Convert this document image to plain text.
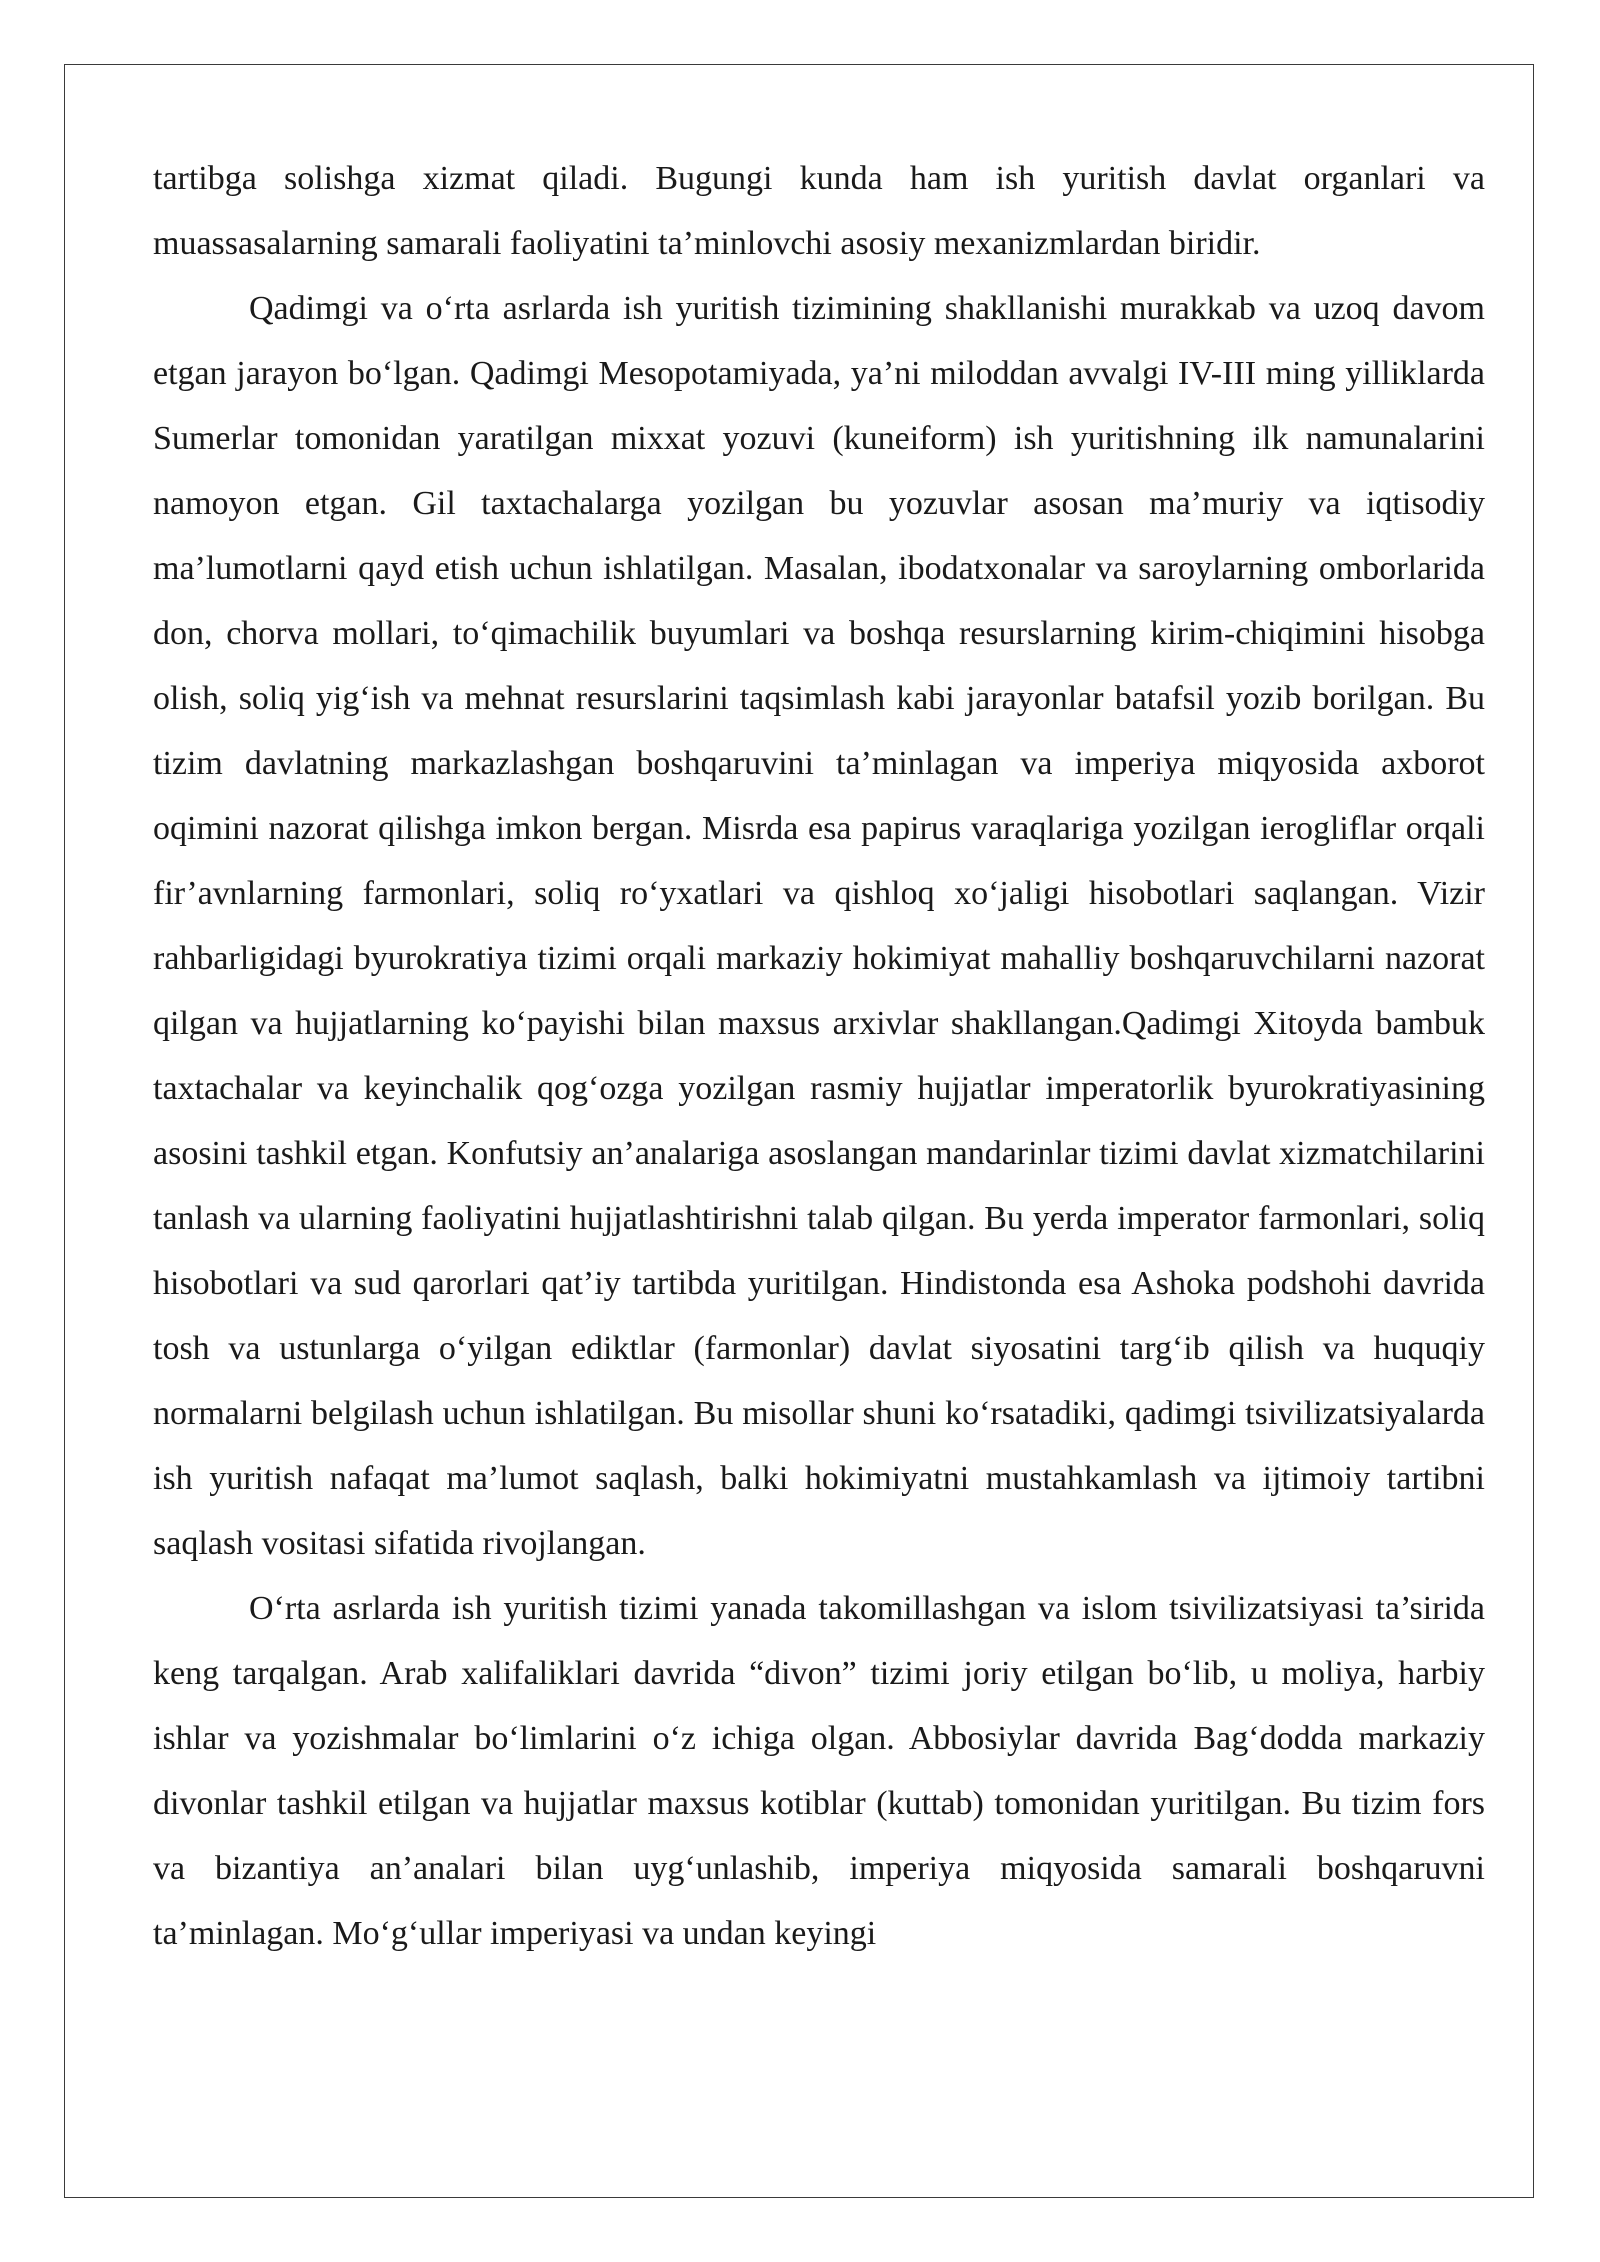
tartibga solishga xizmat qiladi. Bugungi kunda ham ish yuritish davlat organlari va muassasalarning samarali faoliyatini ta’minlovchi asosiy mexanizmlardan biridir.

Qadimgi va o‘rta asrlarda ish yuritish tizimining shakllanishi murakkab va uzoq davom etgan jarayon bo‘lgan. Qadimgi Mesopotamiyada, ya’ni miloddan avvalgi IV-III ming yilliklarda Sumerlar tomonidan yaratilgan mixxat yozuvi (kuneiform) ish yuritishning ilk namunalarini namoyon etgan. Gil taxtachalarga yozilgan bu yozuvlar asosan ma’muriy va iqtisodiy ma’lumotlarni qayd etish uchun ishlatilgan. Masalan, ibodatxonalar va saroylarning omborlarida don, chorva mollari, to‘qimachilik buyumlari va boshqa resurslarning kirim-chiqimini hisobga olish, soliq yig‘ish va mehnat resurslarini taqsimlash kabi jarayonlar batafsil yozib borilgan. Bu tizim davlatning markazlashgan boshqaruvini ta’minlagan va imperiya miqyosida axborot oqimini nazorat qilishga imkon bergan. Misrda esa papirus varaqlariga yozilgan ierogliflar orqali fir’avnlarning farmonlari, soliq ro‘yxatlari va qishloq xo‘jaligi hisobotlari saqlangan. Vizir rahbarligidagi byurokratiya tizimi orqali markaziy hokimiyat mahalliy boshqaruvchilarni nazorat qilgan va hujjatlarning ko‘payishi bilan maxsus arxivlar shakllangan.Qadimgi Xitoyda bambuk taxtachalar va keyinchalik qog‘ozga yozilgan rasmiy hujjatlar imperatorlik byurokratiyasining asosini tashkil etgan. Konfutsiy an’analariga asoslangan mandarinlar tizimi davlat xizmatchilarini tanlash va ularning faoliyatini hujjatlashtirishni talab qilgan. Bu yerda imperator farmonlari, soliq hisobotlari va sud qarorlari qat’iy tartibda yuritilgan. Hindistonda esa Ashoka podshohi davrida tosh va ustunlarga o‘yilgan ediktlar (farmonlar) davlat siyosatini targ‘ib qilish va huquqiy normalarni belgilash uchun ishlatilgan. Bu misollar shuni ko‘rsatadiki, qadimgi tsivilizatsiyalarda ish yuritish nafaqat ma’lumot saqlash, balki hokimiyatni mustahkamlash va ijtimoiy tartibni saqlash vositasi sifatida rivojlangan.

O‘rta asrlarda ish yuritish tizimi yanada takomillashgan va islom tsivilizatsiyasi ta’sirida keng tarqalgan. Arab xalifaliklari davrida “divon” tizimi joriy etilgan bo‘lib, u moliya, harbiy ishlar va yozishmalar bo‘limlarini o‘z ichiga olgan. Abbosiylar davrida Bag‘dodda markaziy divonlar tashkil etilgan va hujjatlar maxsus kotiblar (kuttab) tomonidan yuritilgan. Bu tizim fors va bizantiya an’analari bilan uyg‘unlashib, imperiya miqyosida samarali boshqaruvni ta’minlagan. Mo‘g‘ullar imperiyasi va undan keyingi
